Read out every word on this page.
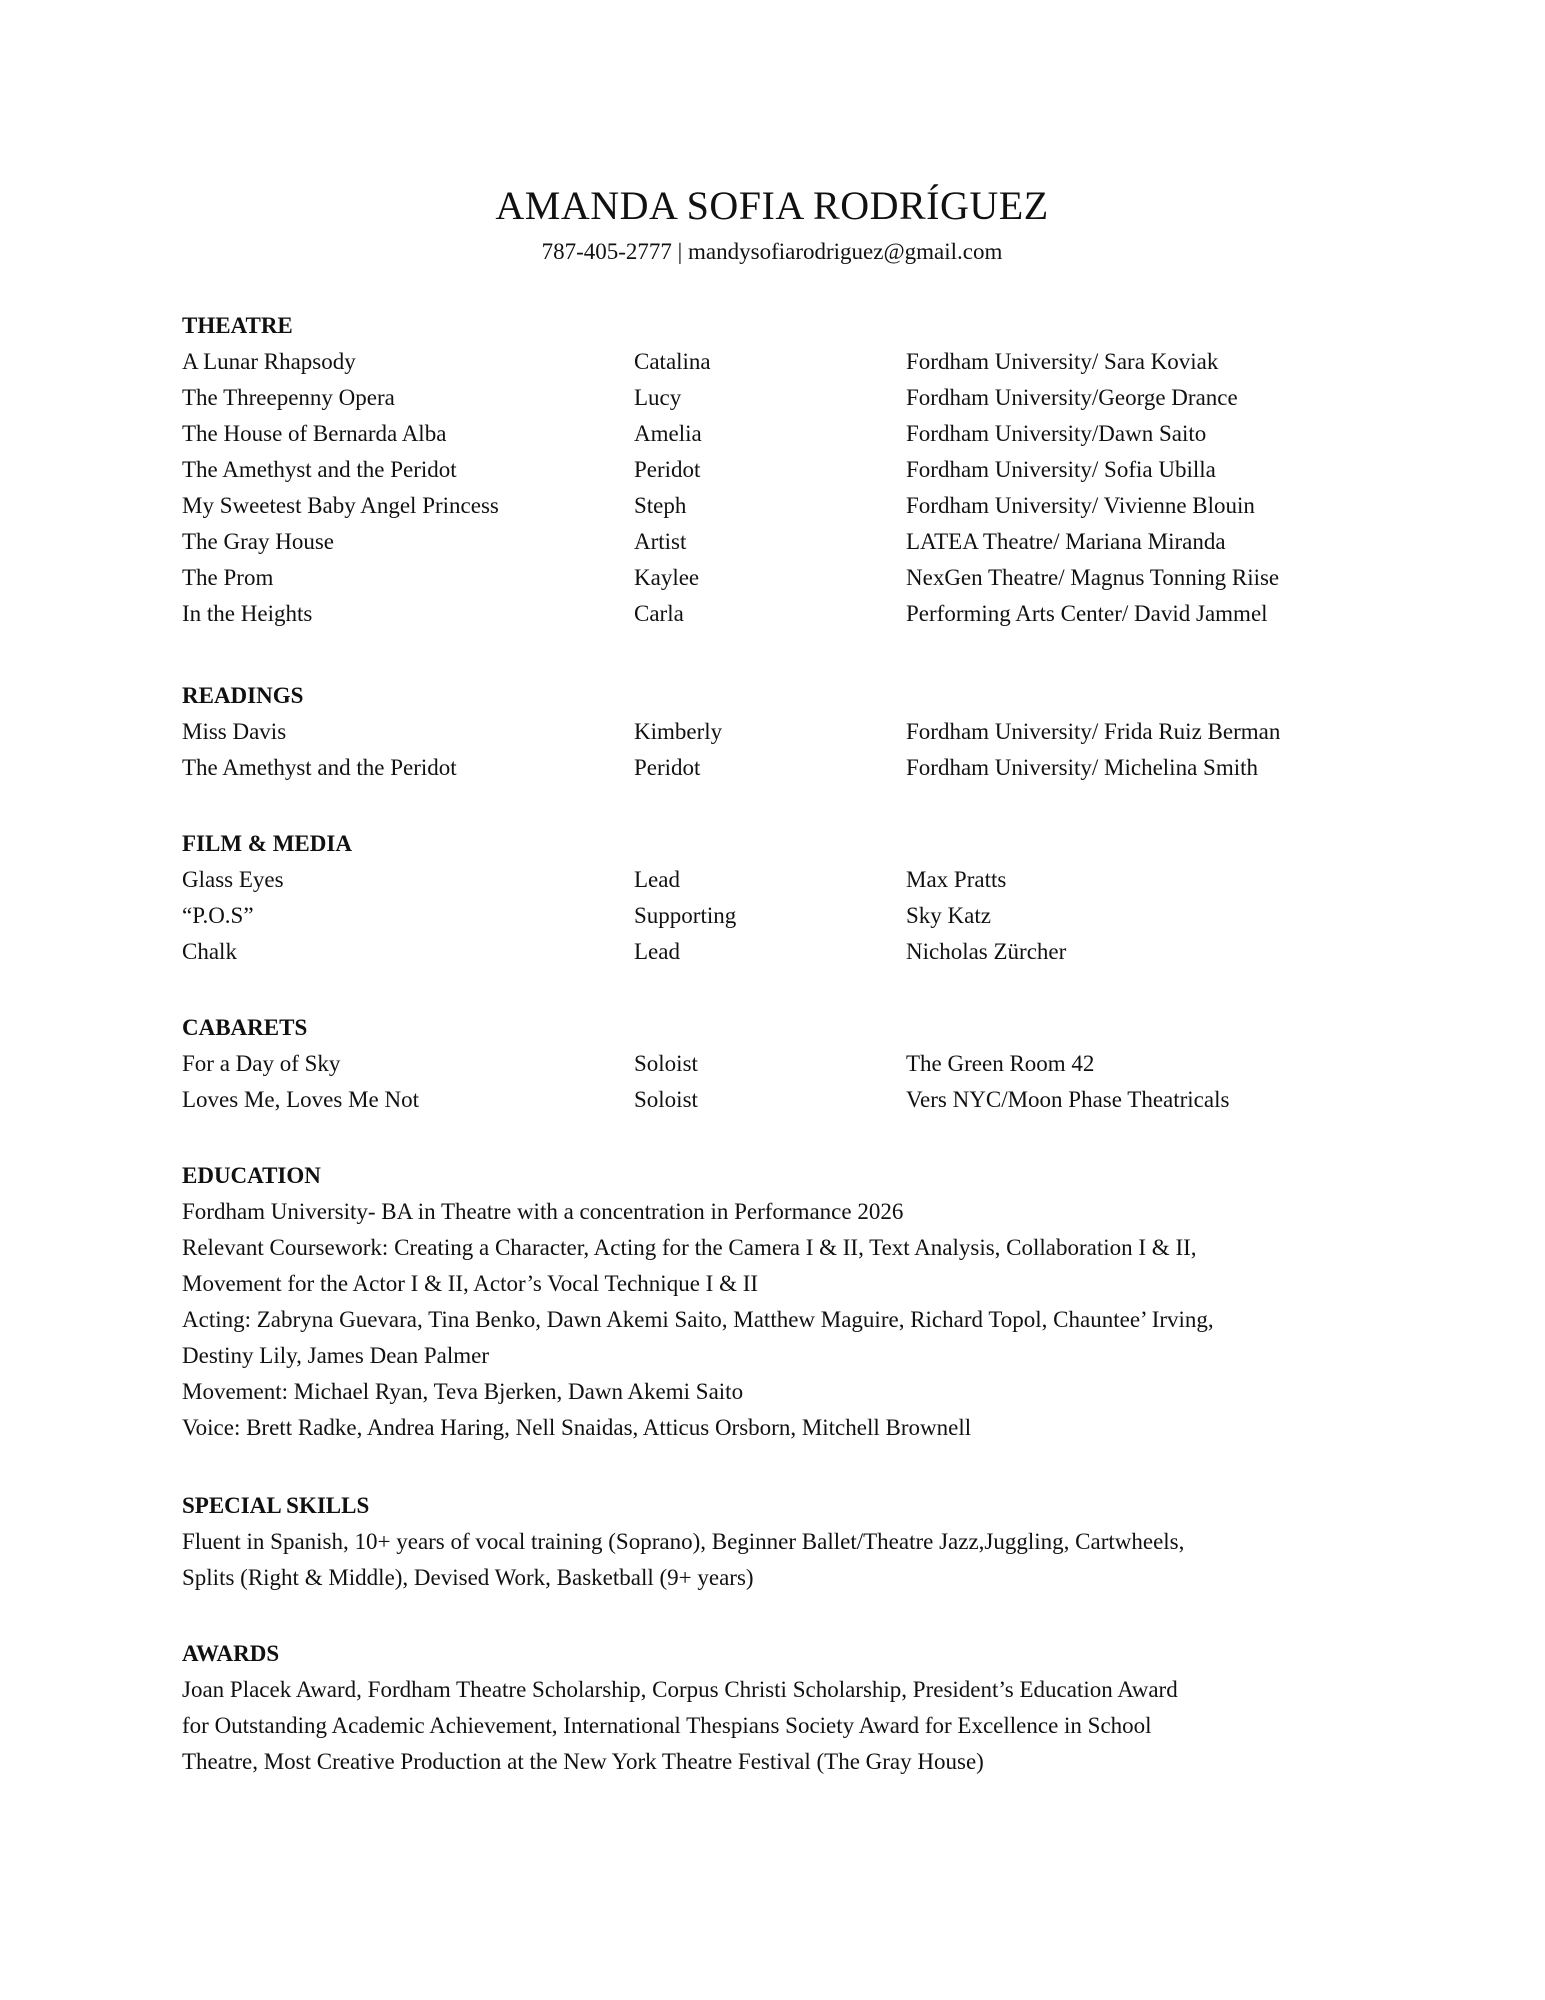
AMANDA SOFIA RODRÍGUEZ
787-405-2777 | mandysofiarodriguez@gmail.com
THEATRE
A Lunar Rhapsody	Catalina	Fordham University/ Sara Koviak
The Threepenny Opera	Lucy	Fordham University/George Drance
The House of Bernarda Alba	Amelia	Fordham University/Dawn Saito
The Amethyst and the Peridot	Peridot	Fordham University/ Sofia Ubilla
My Sweetest Baby Angel Princess	Steph	Fordham University/ Vivienne Blouin
The Gray House	Artist	LATEA Theatre/ Mariana Miranda
The Prom	Kaylee	NexGen Theatre/ Magnus Tonning Riise
In the Heights	Carla	Performing Arts Center/ David Jammel
READINGS
Miss Davis	Kimberly	Fordham University/ Frida Ruiz Berman
The Amethyst and the Peridot	Peridot	Fordham University/ Michelina Smith
FILM & MEDIA
Glass Eyes	Lead	Max Pratts
“P.O.S”	Supporting	Sky Katz
Chalk	Lead	Nicholas Zürcher
CABARETS
For a Day of Sky	Soloist	The Green Room 42
Loves Me, Loves Me Not	Soloist	Vers NYC/Moon Phase Theatricals
EDUCATION

Fordham University- BA in Theatre with a concentration in Performance 2026

Relevant Coursework: Creating a Character, Acting for the Camera I & II, Text Analysis, Collaboration I & II,

Movement for the Actor I & II, Actor’s Vocal Technique I & II

Acting: Zabryna Guevara, Tina Benko, Dawn Akemi Saito, Matthew Maguire, Richard Topol, Chauntee’ Irving,

Destiny Lily, James Dean Palmer

Movement: Michael Ryan, Teva Bjerken, Dawn Akemi Saito

Voice: Brett Radke, Andrea Haring, Nell Snaidas, Atticus Orsborn, Mitchell Brownell

SPECIAL SKILLS

Fluent in Spanish, 10+ years of vocal training (Soprano), Beginner Ballet/Theatre Jazz,Juggling, Cartwheels,

Splits (Right & Middle), Devised Work, Basketball (9+ years)

AWARDS

Joan Placek Award, Fordham Theatre Scholarship, Corpus Christi Scholarship, President’s Education Award

for Outstanding Academic Achievement, International Thespians Society Award for Excellence in School

Theatre, Most Creative Production at the New York Theatre Festival (The Gray House)
